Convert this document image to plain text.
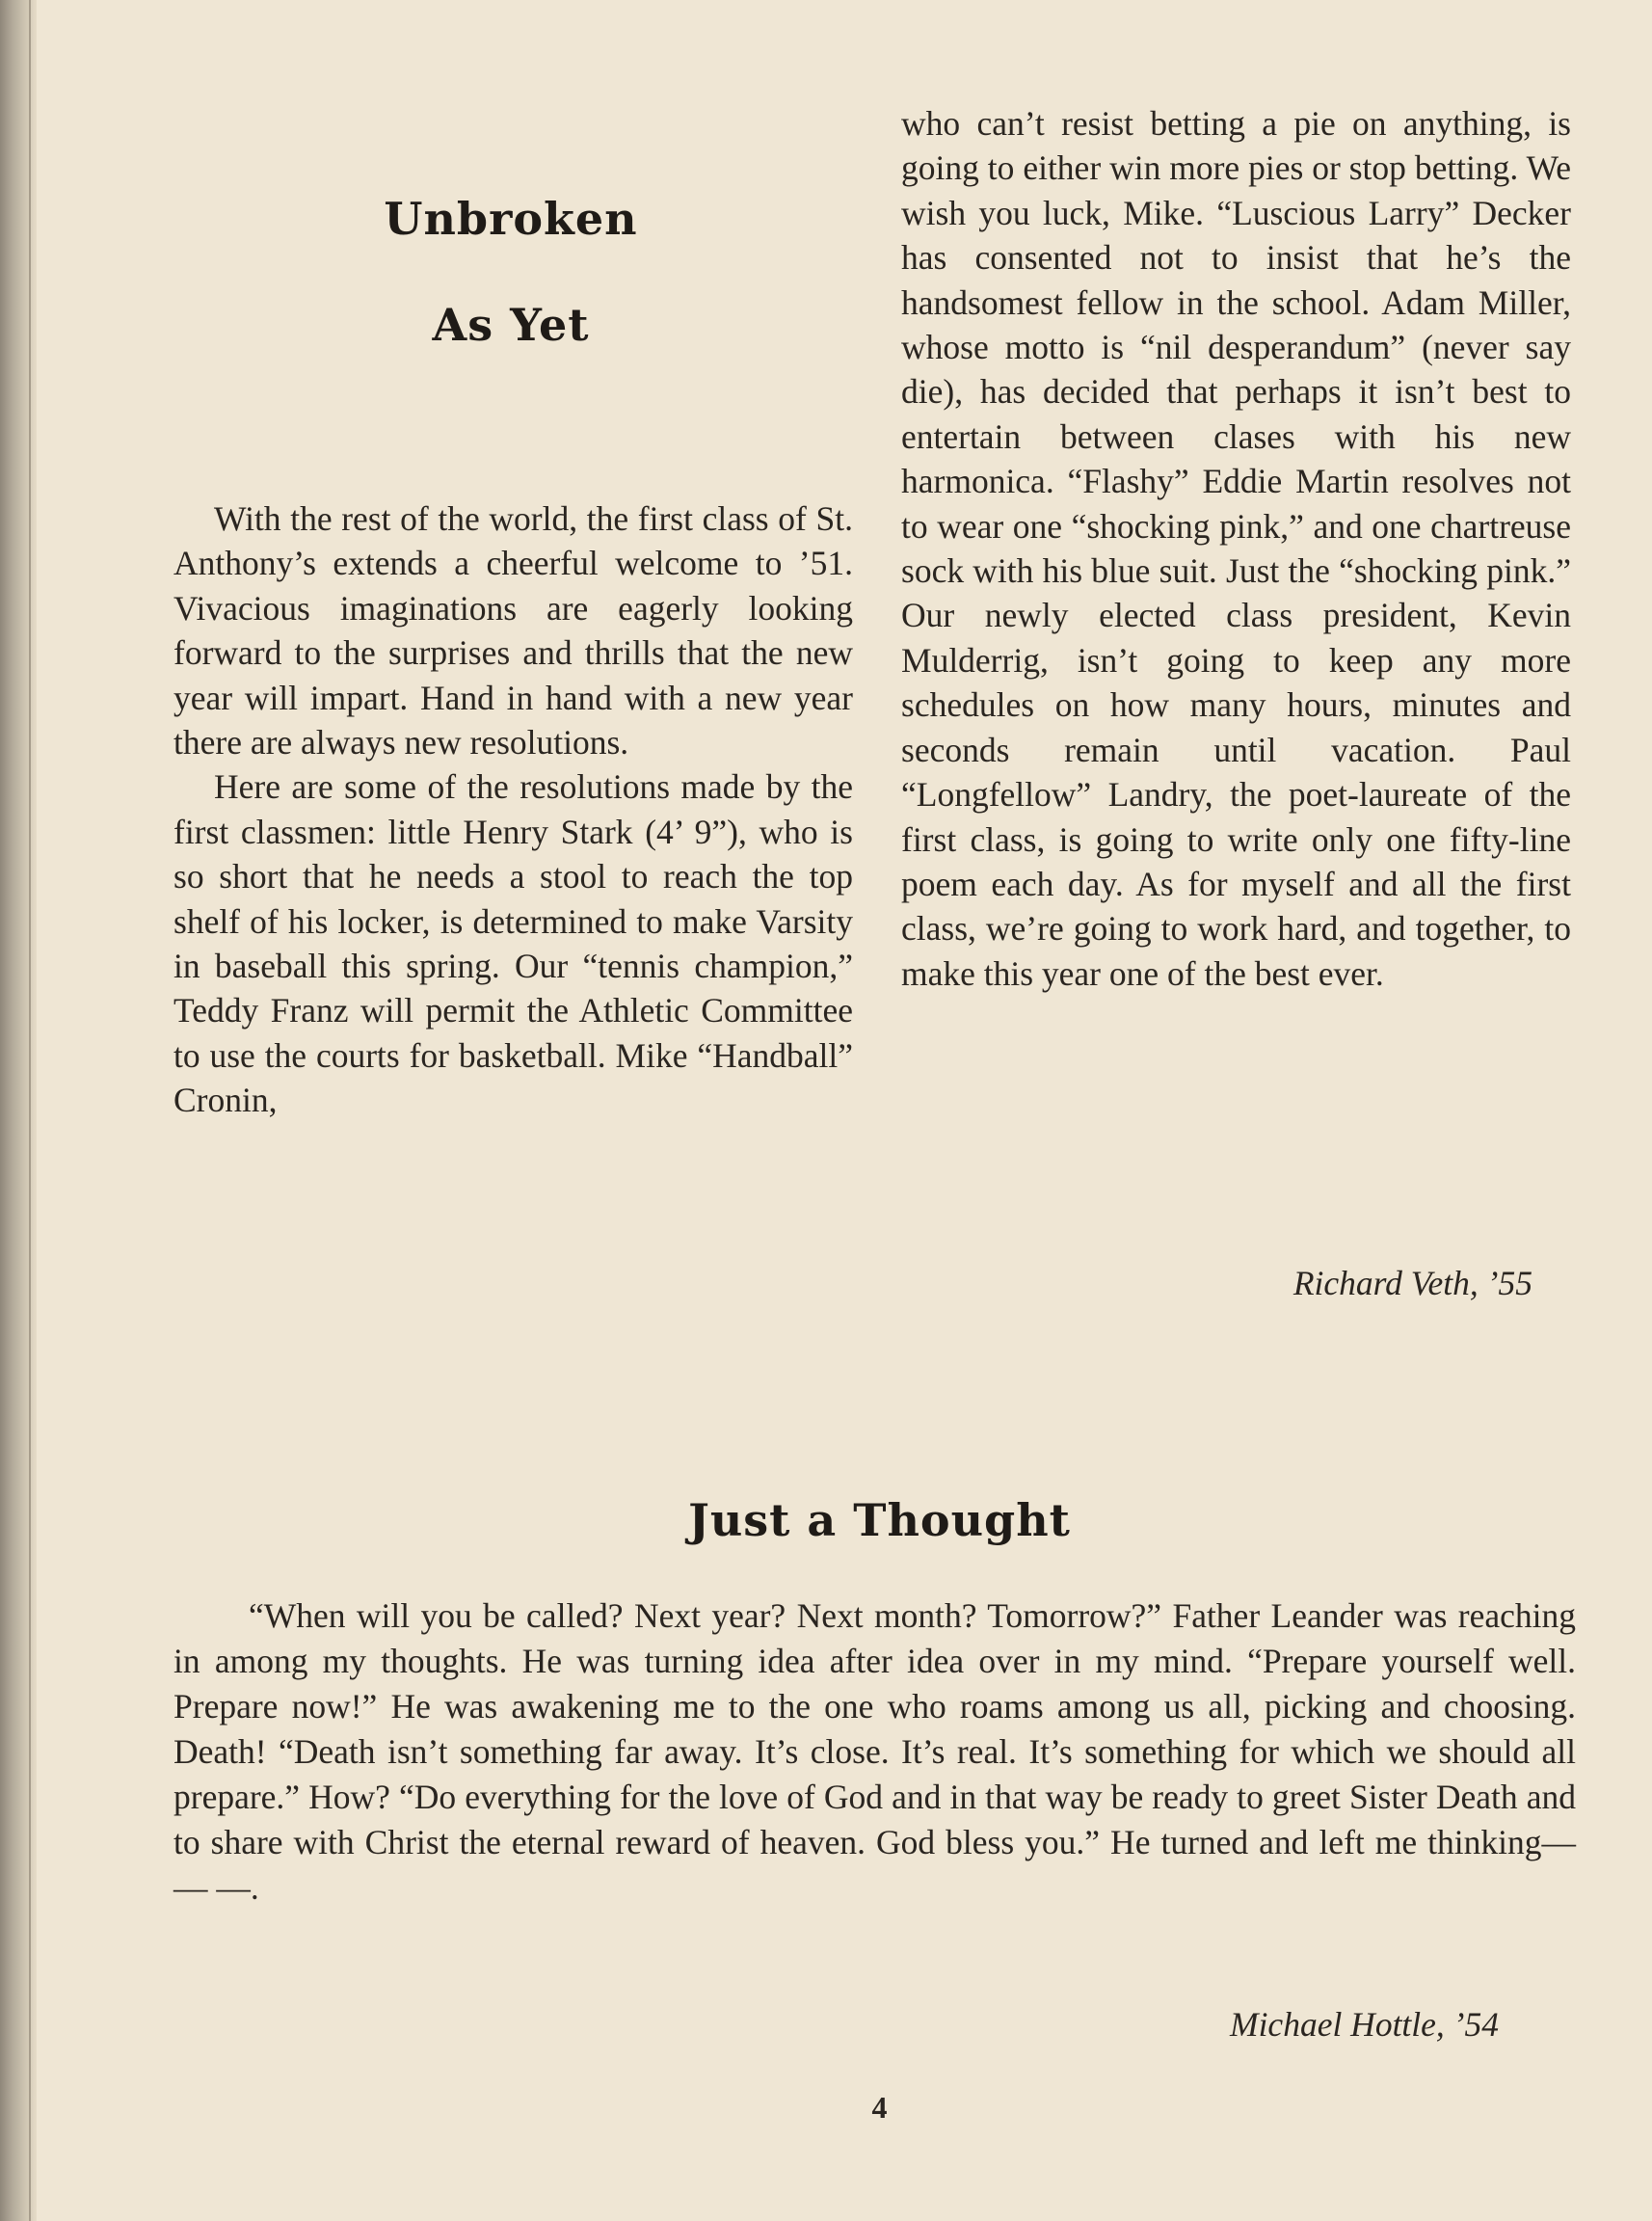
Unbroken
As Yet

With the rest of the world, the first class of St. Anthony’s extends a cheerful welcome to ’51. Vivacious imaginations are eagerly looking forward to the surprises and thrills that the new year will impart. Hand in hand with a new year there are always new resolutions.

Here are some of the resolutions made by the first classmen: little Henry Stark (4’ 9”), who is so short that he needs a stool to reach the top shelf of his locker, is determined to make Varsity in baseball this spring. Our “tennis champion,” Teddy Franz will permit the Athletic Committee to use the courts for basketball. Mike “Handball” Cronin,

who can’t resist betting a pie on anything, is going to either win more pies or stop betting. We wish you luck, Mike. “Luscious Larry” Decker has consented not to insist that he’s the handsomest fellow in the school. Adam Miller, whose motto is “nil desperandum” (never say die), has decided that perhaps it isn’t best to entertain between clases with his new harmonica. “Flashy” Eddie Martin resolves not to wear one “shocking pink,” and one chartreuse sock with his blue suit. Just the “shocking pink.” Our newly elected class president, Kevin Mulderrig, isn’t going to keep any more schedules on how many hours, minutes and seconds remain until vacation. Paul “Longfellow” Landry, the poet-laureate of the first class, is going to write only one fifty-line poem each day. As for myself and all the first class, we’re going to work hard, and together, to make this year one of the best ever.

Richard Veth, ’55
Just a Thought

“When will you be called? Next year? Next month? Tomorrow?” Father Leander was reaching in among my thoughts. He was turning idea after idea over in my mind. “Prepare yourself well. Prepare now!” He was awakening me to the one who roams among us all, picking and choosing. Death! “Death isn’t something far away. It’s close. It’s real. It’s something for which we should all prepare.” How? “Do everything for the love of God and in that way be ready to greet Sister Death and to share with Christ the eternal reward of heaven. God bless you.” He turned and left me thinking— — —.

Michael Hottle, ’54
4
